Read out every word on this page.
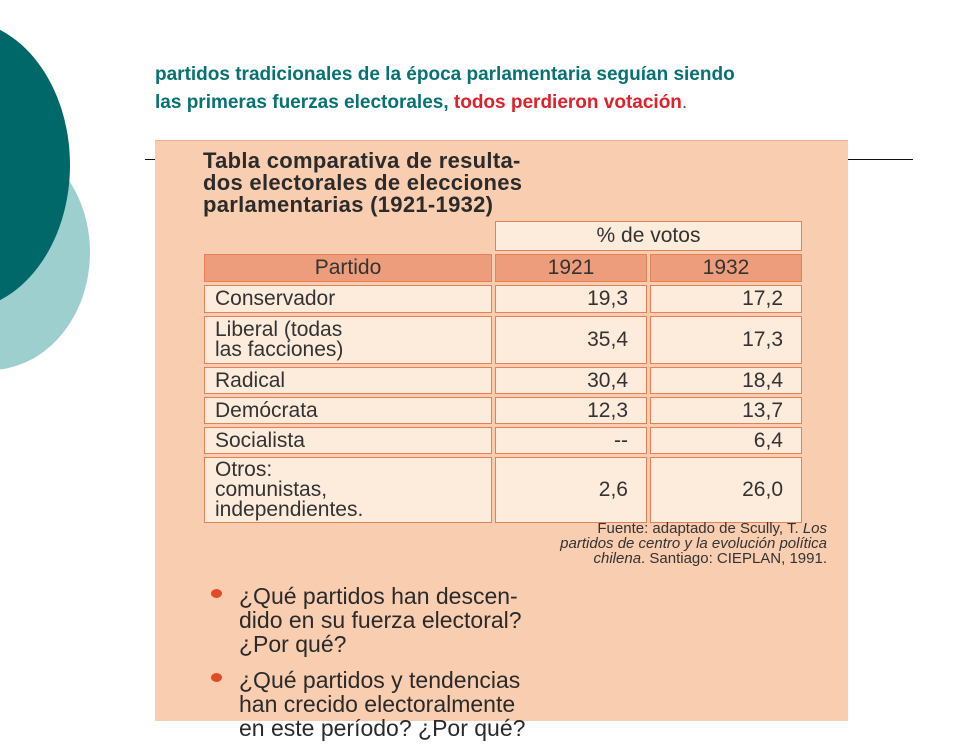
partidos tradicionales de la época parlamentaria seguían siendo
las primeras fuerzas electorales, todos perdieron votación.

Tabla comparativa de resulta-
dos electorales de elecciones
parlamentarias (1921-1932)

	% de votos	
Partido	1921	1932
Conservador	19,3	17,2
Liberal (todas
las facciones)	35,4	17,3
Radical	30,4	18,4
Demócrata	12,3	13,7
Socialista	--	6,4
Otros:
comunistas,
independientes.	2,6	26,0

Fuente: adaptado de Scully, T. Los
partidos de centro y la evolución política
chilena. Santiago: CIEPLAN, 1991.

¿Qué partidos han descen-
dido en su fuerza electoral?
¿Por qué?
¿Qué partidos y tendencias
han crecido electoralmente
en este período? ¿Por qué?
